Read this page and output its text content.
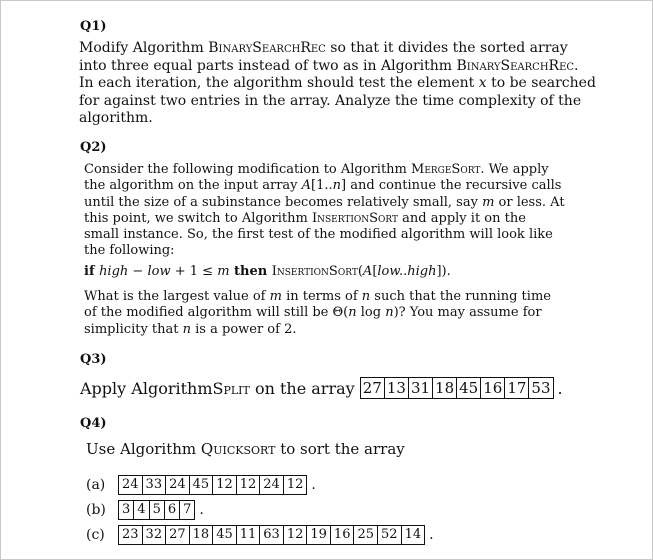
Q1)
Modify Algorithm BinarySearchRec so that it divides the sorted array
into three equal parts instead of two as in Algorithm BinarySearchRec.
In each iteration, the algorithm should test the element x to be searched
for against two entries in the array. Analyze the time complexity of the
algorithm.
Q2)
Consider the following modification to Algorithm MergeSort. We apply
the algorithm on the input array A[1..n] and continue the recursive calls
until the size of a subinstance becomes relatively small, say m or less. At
this point, we switch to Algorithm InsertionSort and apply it on the
small instance. So, the first test of the modified algorithm will look like
the following:
if high − low + 1 ≤ m then InsertionSort(A[low..high]).
What is the largest value of m in terms of n such that the running time
of the modified algorithm will still be Θ(n log n)? You may assume for
simplicity that n is a power of 2.
Q3)
Apply Algorithm Split on the array 27 13 31 18 45 16 17 53 .
Q4)
Use Algorithm Quicksort to sort the array
(a)	24 33 24 45 12 12 24 12 .
(b)	3 4 5 6 7 .
(c)	23 32 27 18 45 11 63 12 19 16 25 52 14 .
